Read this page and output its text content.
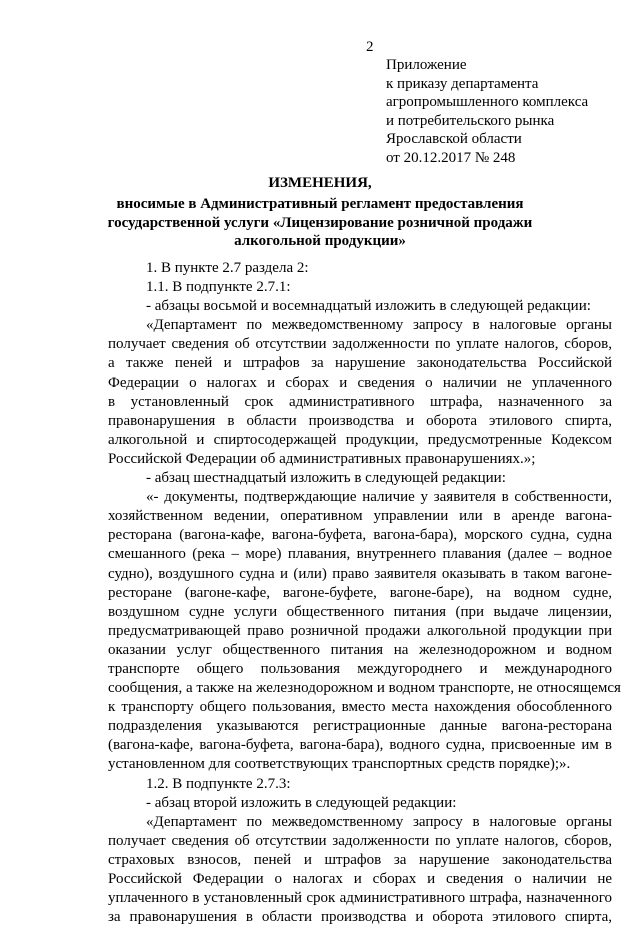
2
Приложение
к приказу департамента
агропромышленного комплекса
и потребительского рынка
Ярославской области
от 20.12.2017 № 248
ИЗМЕНЕНИЯ,
вносимые в Административный регламент предоставления
государственной услуги «Лицензирование розничной продажи
алкогольной продукции»
1. В пункте 2.7 раздела 2:
1.1. В подпункте 2.7.1:
- абзацы восьмой и восемнадцатый изложить в следующей редакции:
«Департамент по межведомственному запросу в налоговые органы
получает сведения об отсутствии задолженности по уплате налогов, сборов,
а также пеней и штрафов за нарушение законодательства Российской
Федерации о налогах и сборах и сведения о наличии не уплаченного
в установленный срок административного штрафа, назначенного за
правонарушения в области производства и оборота этилового спирта,
алкогольной и спиртосодержащей продукции, предусмотренные Кодексом
Российской Федерации об административных правонарушениях.»;
- абзац шестнадцатый изложить в следующей редакции:
«- документы, подтверждающие наличие у заявителя в собственности,
хозяйственном ведении, оперативном управлении или в аренде вагона-
ресторана (вагона-кафе, вагона-буфета, вагона-бара), морского судна, судна
смешанного (река – море) плавания, внутреннего плавания (далее – водное
судно), воздушного судна и (или) право заявителя оказывать в таком вагоне-
ресторане (вагоне-кафе, вагоне-буфете, вагоне-баре), на водном судне,
воздушном судне услуги общественного питания (при выдаче лицензии,
предусматривающей право розничной продажи алкогольной продукции при
оказании услуг общественного питания на железнодорожном и водном
транспорте общего пользования междугороднего и международного
сообщения, а также на железнодорожном и водном транспорте, не относящемся
к транспорту общего пользования, вместо места нахождения обособленного
подразделения указываются регистрационные данные вагона-ресторана
(вагона-кафе, вагона-буфета, вагона-бара), водного судна, присвоенные им в
установленном для соответствующих транспортных средств порядке);».
1.2. В подпункте 2.7.3:
- абзац второй изложить в следующей редакции:
«Департамент по межведомственному запросу в налоговые органы
получает сведения об отсутствии задолженности по уплате налогов, сборов,
страховых взносов, пеней и штрафов за нарушение законодательства
Российской Федерации о налогах и сборах и сведения о наличии не
уплаченного в установленный срок административного штрафа, назначенного
за правонарушения в области производства и оборота этилового спирта,
